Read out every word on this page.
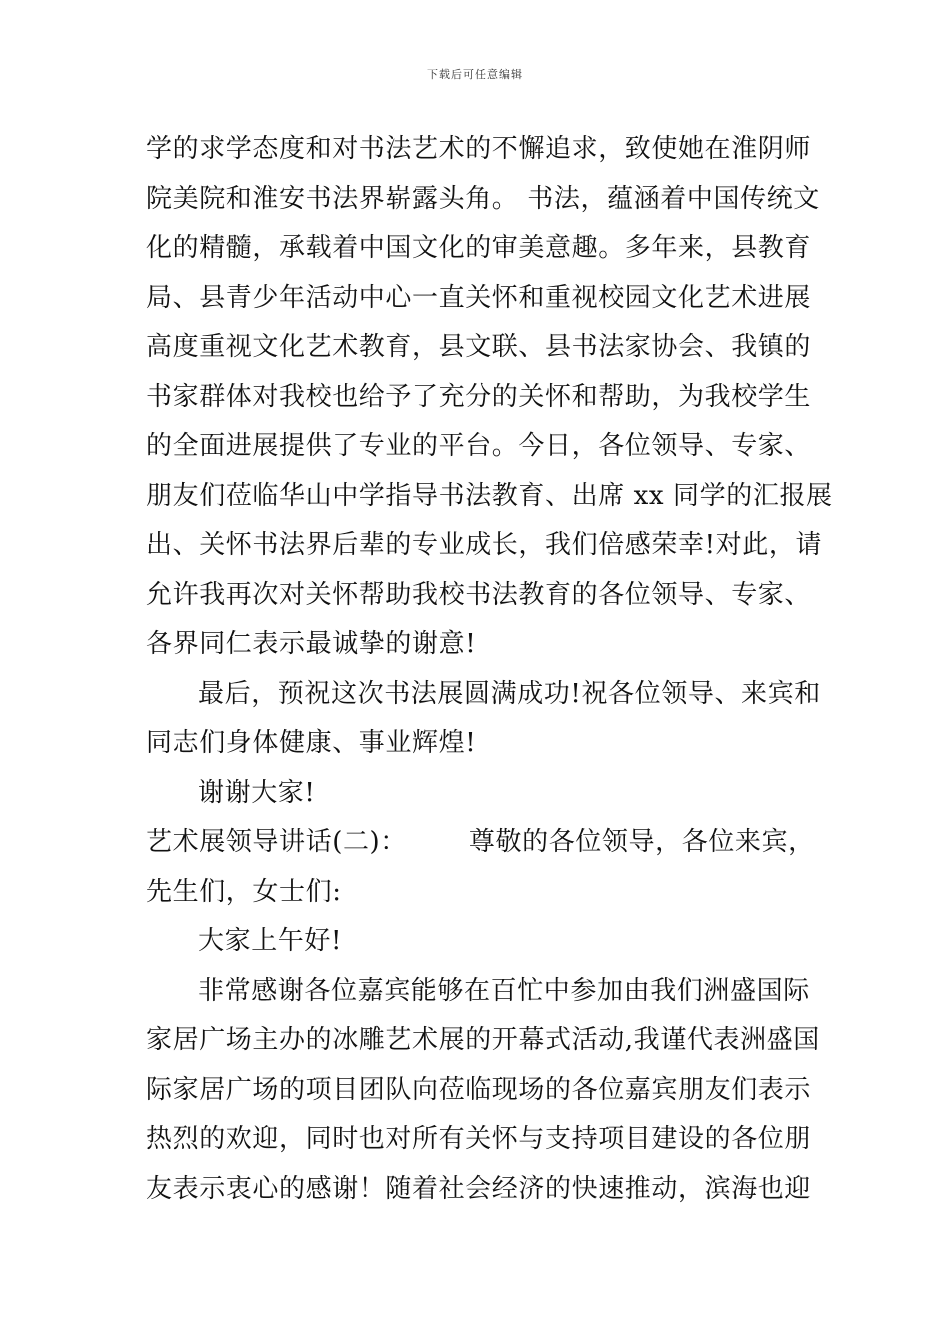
下载后可任意编辑
学的求学态度和对书法艺术的不懈追求，致使她在淮阴师
院美院和淮安书法界崭露头角。 书法，蕴涵着中国传统文
化的精髓，承载着中国文化的审美意趣。多年来，县教育
局、县青少年活动中心一直关怀和重视校园文化艺术进展
高度重视文化艺术教育，县文联、县书法家协会、我镇的
书家群体对我校也给予了充分的关怀和帮助，为我校学生
的全面进展提供了专业的平台。今日，各位领导、专家、
朋友们莅临华山中学指导书法教育、出席 xx 同学的汇报展
出、关怀书法界后辈的专业成长，我们倍感荣幸!对此，请
允许我再次对关怀帮助我校书法教育的各位领导、专家、
各界同仁表示最诚挚的谢意!
最后，预祝这次书法展圆满成功!祝各位领导、来宾和
同志们身体健康、事业辉煌!
谢谢大家!
艺术展领导讲话(二)： 尊敬的各位领导，各位来宾，
先生们，女士们:
大家上午好!
非常感谢各位嘉宾能够在百忙中参加由我们洲盛国际
家居广场主办的冰雕艺术展的开幕式活动,我谨代表洲盛国
际家居广场的项目团队向莅临现场的各位嘉宾朋友们表示
热烈的欢迎，同时也对所有关怀与支持项目建设的各位朋
友表示衷心的感谢！随着社会经济的快速推动，滨海也迎
